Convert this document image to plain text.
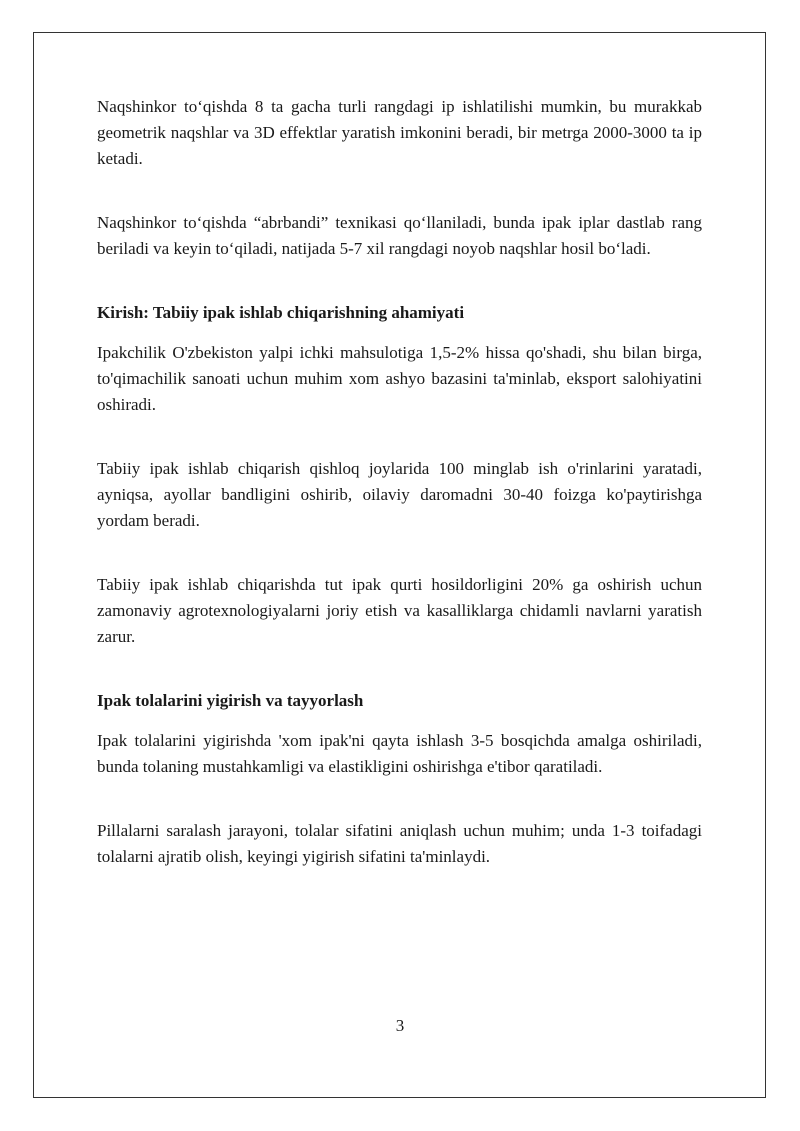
Naqshinkor to‘qishda 8 ta gacha turli rangdagi ip ishlatilishi mumkin, bu murakkab geometrik naqshlar va 3D effektlar yaratish imkonini beradi, bir metrga 2000-3000 ta ip ketadi.

Naqshinkor to‘qishda “abrbandi” texnikasi qo‘llaniladi, bunda ipak iplar dastlab rang beriladi va keyin to‘qiladi, natijada 5-7 xil rangdagi noyob naqshlar hosil bo‘ladi.

Kirish: Tabiiy ipak ishlab chiqarishning ahamiyati

Ipakchilik O'zbekiston yalpi ichki mahsulotiga 1,5-2% hissa qo'shadi, shu bilan birga, to'qimachilik sanoati uchun muhim xom ashyo bazasini ta'minlab, eksport salohiyatini oshiradi.

Tabiiy ipak ishlab chiqarish qishloq joylarida 100 minglab ish o'rinlarini yaratadi, ayniqsa, ayollar bandligini oshirib, oilaviy daromadni 30-40 foizga ko'paytirishga yordam beradi.

Tabiiy ipak ishlab chiqarishda tut ipak qurti hosildorligini 20% ga oshirish uchun zamonaviy agrotexnologiyalarni joriy etish va kasalliklarga chidamli navlarni yaratish zarur.

Ipak tolalarini yigirish va tayyorlash

Ipak tolalarini yigirishda 'xom ipak'ni qayta ishlash 3-5 bosqichda amalga oshiriladi, bunda tolaning mustahkamligi va elastikligini oshirishga e'tibor qaratiladi.

Pillalarni saralash jarayoni, tolalar sifatini aniqlash uchun muhim; unda 1-3 toifadagi tolalarni ajratib olish, keyingi yigirish sifatini ta'minlaydi.

3
